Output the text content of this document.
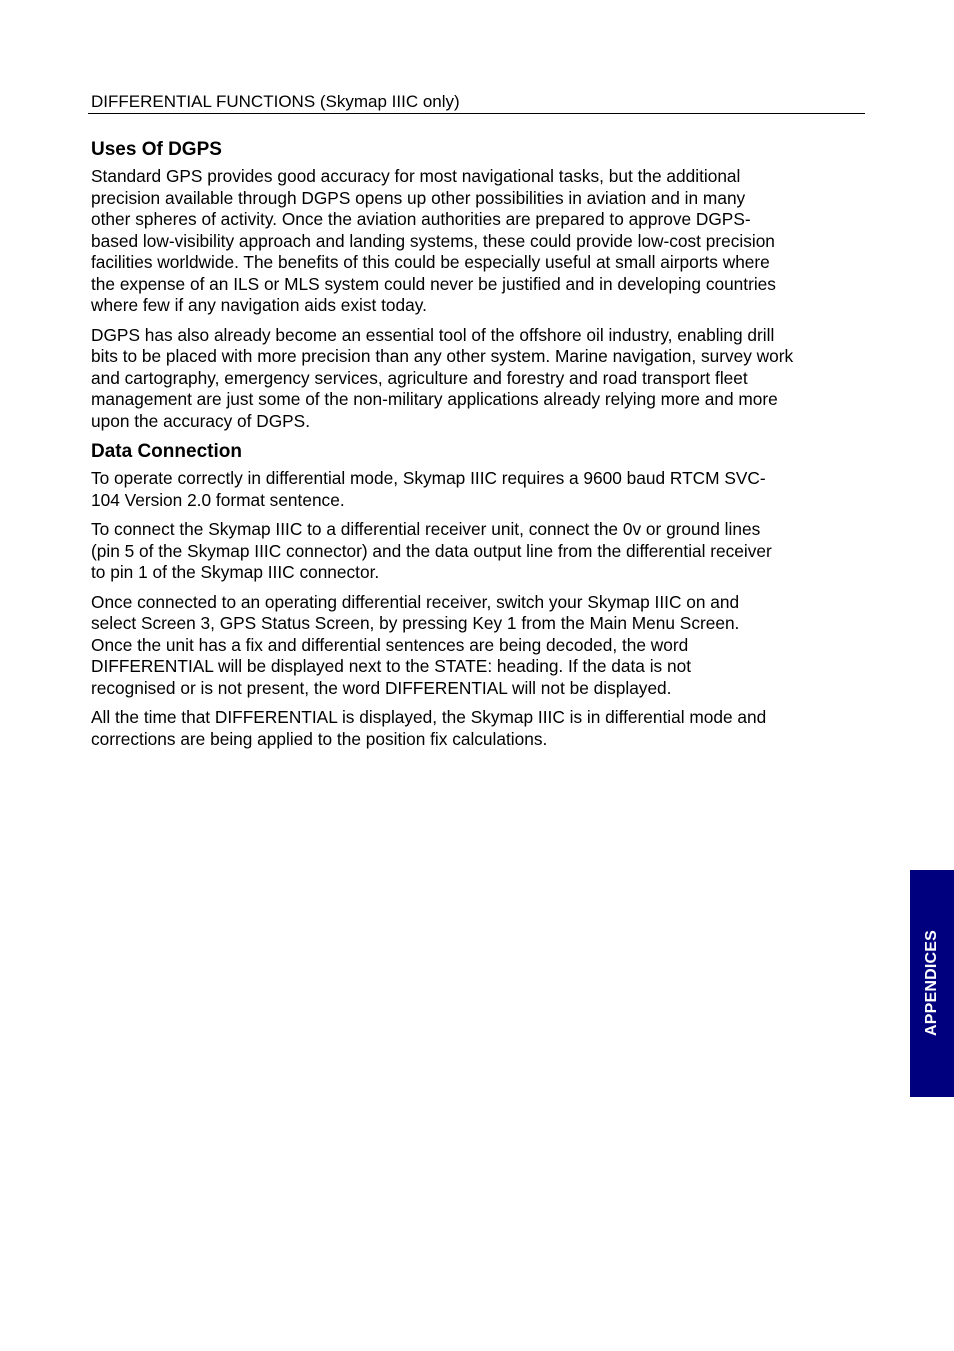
DIFFERENTIAL FUNCTIONS (Skymap IIIC only)
Uses Of DGPS
Standard GPS provides good accuracy for most navigational tasks, but the additional
precision available through DGPS opens up other possibilities in aviation and in many
other spheres of activity. Once the aviation authorities are prepared to approve DGPS-
based low-visibility approach and landing systems, these could provide low-cost precision
facilities worldwide. The benefits of this could be especially useful at small airports where
the expense of an ILS or MLS system could never be justified and in developing countries
where few if any navigation aids exist today.
DGPS has also already become an essential tool of the offshore oil industry, enabling drill
bits to be placed with more precision than any other system. Marine navigation, survey work
and cartography, emergency services, agriculture and forestry and road transport fleet
management are just some of the non-military applications already relying more and more
upon the accuracy of DGPS.
Data Connection
To operate correctly in differential mode, Skymap IIIC requires a 9600 baud RTCM SVC-
104 Version 2.0 format sentence.
To connect the Skymap IIIC to a differential receiver unit, connect the 0v or ground lines
(pin 5 of the Skymap IIIC connector) and the data output line from the differential receiver
to pin 1 of the Skymap IIIC connector.
Once connected to an operating differential receiver, switch your Skymap IIIC on and
select Screen 3, GPS Status Screen, by pressing Key 1 from the Main Menu Screen.
Once the unit has a fix and differential sentences are being decoded, the word
DIFFERENTIAL will be displayed next to the STATE: heading. If the data is not
recognised or is not present, the word DIFFERENTIAL will not be displayed.
All the time that DIFFERENTIAL is displayed, the Skymap IIIC is in differential mode and
corrections are being applied to the position fix calculations.
APPENDICES
